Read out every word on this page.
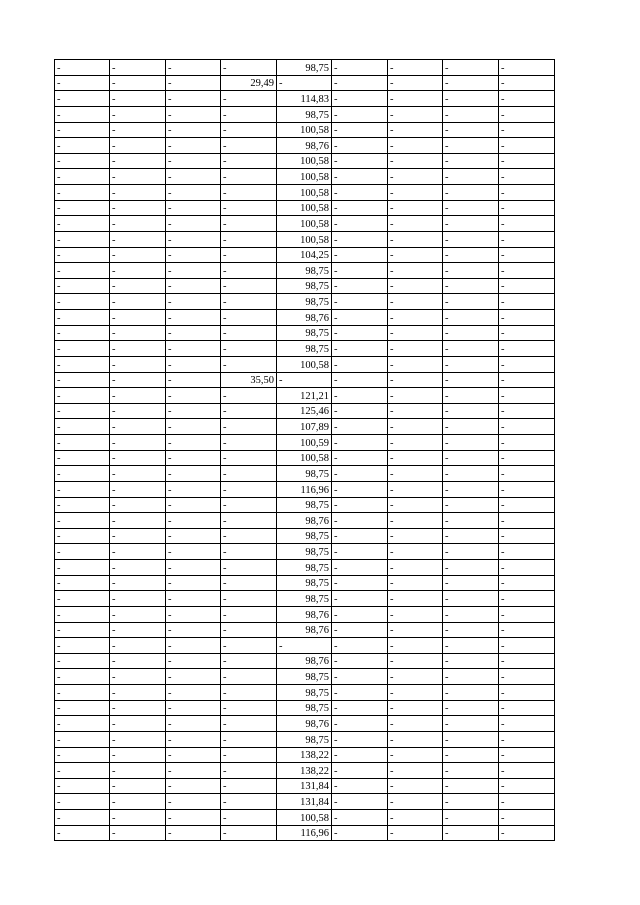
-	-	-	-	98,75	-	-	-	-
-	-	-	29,49	-	-	-	-	-
-	-	-	-	114,83	-	-	-	-
-	-	-	-	98,75	-	-	-	-
-	-	-	-	100,58	-	-	-	-
-	-	-	-	98,76	-	-	-	-
-	-	-	-	100,58	-	-	-	-
-	-	-	-	100,58	-	-	-	-
-	-	-	-	100,58	-	-	-	-
-	-	-	-	100,58	-	-	-	-
-	-	-	-	100,58	-	-	-	-
-	-	-	-	100,58	-	-	-	-
-	-	-	-	104,25	-	-	-	-
-	-	-	-	98,75	-	-	-	-
-	-	-	-	98,75	-	-	-	-
-	-	-	-	98,75	-	-	-	-
-	-	-	-	98,76	-	-	-	-
-	-	-	-	98,75	-	-	-	-
-	-	-	-	98,75	-	-	-	-
-	-	-	-	100,58	-	-	-	-
-	-	-	35,50	-	-	-	-	-
-	-	-	-	121,21	-	-	-	-
-	-	-	-	125,46	-	-	-	-
-	-	-	-	107,89	-	-	-	-
-	-	-	-	100,59	-	-	-	-
-	-	-	-	100,58	-	-	-	-
-	-	-	-	98,75	-	-	-	-
-	-	-	-	116,96	-	-	-	-
-	-	-	-	98,75	-	-	-	-
-	-	-	-	98,76	-	-	-	-
-	-	-	-	98,75	-	-	-	-
-	-	-	-	98,75	-	-	-	-
-	-	-	-	98,75	-	-	-	-
-	-	-	-	98,75	-	-	-	-
-	-	-	-	98,75	-	-	-	-
-	-	-	-	98,76	-	-	-	-
-	-	-	-	98,76	-	-	-	-
-	-	-	-	-	-	-	-	-
-	-	-	-	98,76	-	-	-	-
-	-	-	-	98,75	-	-	-	-
-	-	-	-	98,75	-	-	-	-
-	-	-	-	98,75	-	-	-	-
-	-	-	-	98,76	-	-	-	-
-	-	-	-	98,75	-	-	-	-
-	-	-	-	138,22	-	-	-	-
-	-	-	-	138,22	-	-	-	-
-	-	-	-	131,84	-	-	-	-
-	-	-	-	131,84	-	-	-	-
-	-	-	-	100,58	-	-	-	-
-	-	-	-	116,96	-	-	-	-
